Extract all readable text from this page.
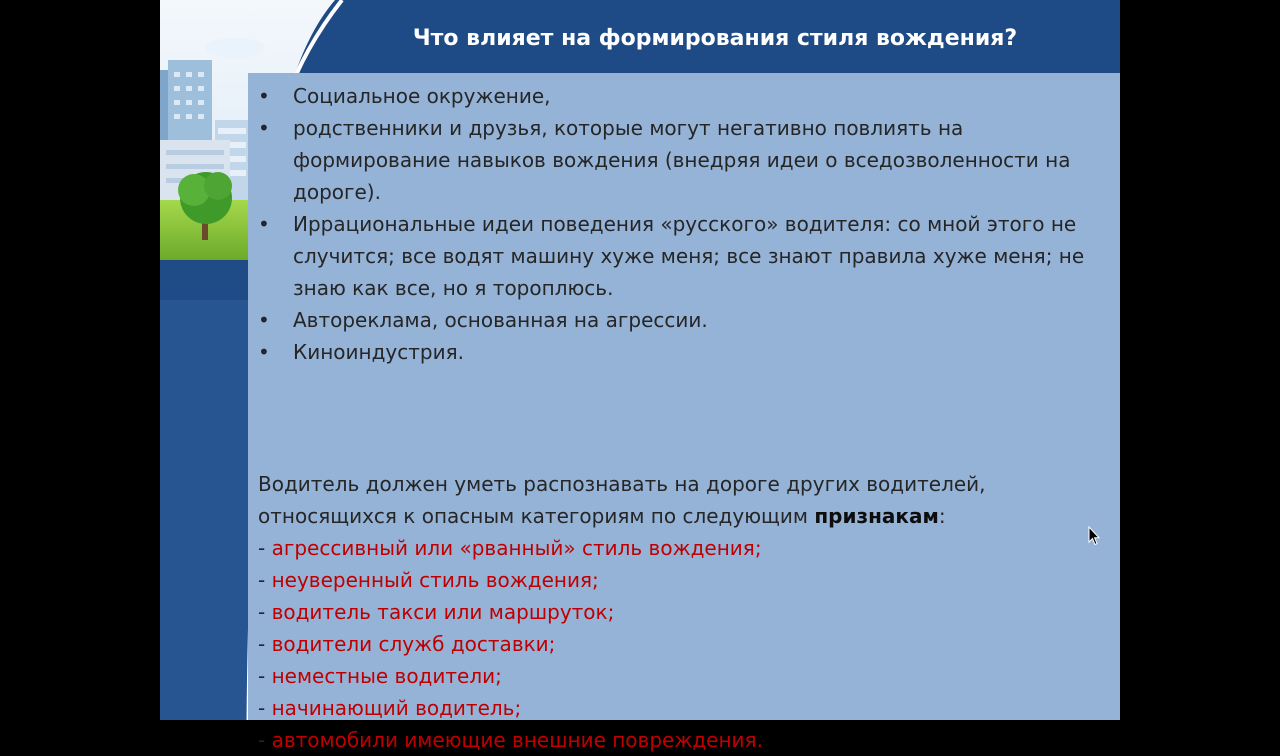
Что влияет на формирования стиля вождения?
•	Социальное окружение,
•	родственники и друзья, которые могут негативно повлиять на формирование навыков вождения (внедряя идеи о вседозволенности на дороге).
•	Иррациональные идеи поведения «русского» водителя: со мной этого не случится; все водят машину хуже меня; все знают правила хуже меня; не знаю как все, но я тороплюсь.
•	Автореклама, основанная на агрессии.
•	Киноиндустрия.
Водитель должен уметь распознавать на дороге других водителей, относящихся к опасным категориям по следующим признакам:
- агрессивный или «рванный» стиль вождения;
- неуверенный стиль вождения;
- водитель такси или маршруток;
- водители служб доставки;
- неместные водители;
- начинающий водитель;
- автомобили имеющие внешние повреждения.
